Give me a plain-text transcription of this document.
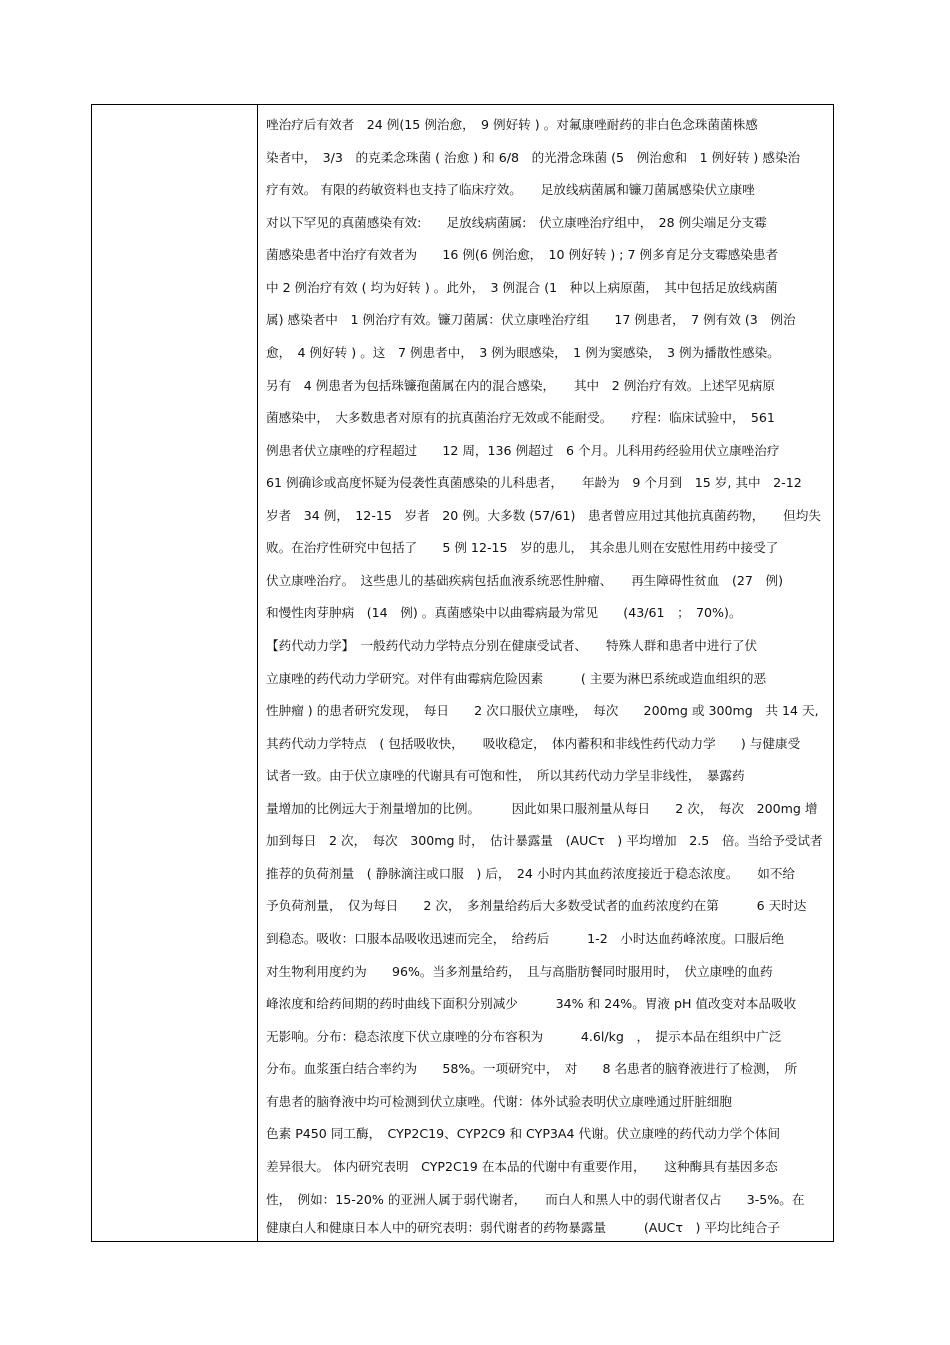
唑治疗后有效者　24 例(15 例治愈，　9 例好转 ) 。对氟康唑耐药的非白色念珠菌菌株感
染者中，　3/3　的克柔念珠菌 ( 治愈 ) 和 6/8　的光滑念珠菌 (5　例治愈和　1 例好转 ) 感染治
疗有效。 有限的药敏资料也支持了临床疗效。　　足放线病菌属和镰刀菌属感染伏立康唑
对以下罕见的真菌感染有效:　　足放线病菌属:　伏立康唑治疗组中，　28 例尖端足分支霉
菌感染患者中治疗有效者为　　16 例(6 例治愈，　10 例好转 ) ; 7 例多育足分支霉感染患者
中 2 例治疗有效 ( 均为好转 ) 。此外，　3 例混合 (1　种以上病原菌，　其中包括足放线病菌
属) 感染者中　1 例治疗有效。镰刀菌属：伏立康唑治疗组　　17 例患者，　7 例有效 (3　例治
愈，　4 例好转 ) 。这　7 例患者中，　3 例为眼感染，　1 例为窦感染，　3 例为播散性感染。
另有　4 例患者为包括珠镰孢菌属在内的混合感染，　　其中　2 例治疗有效。上述罕见病原
菌感染中，　大多数患者对原有的抗真菌治疗无效或不能耐受。　　疗程：临床试验中，　561
例患者伏立康唑的疗程超过　　12 周，136 例超过　6 个月。儿科用药经验用伏立康唑治疗
61 例确诊或高度怀疑为侵袭性真菌感染的儿科患者，　　年龄为　9 个月到　15 岁, 其中　2-12
岁者　34 例，　12-15　岁者　20 例。大多数 (57/61)　患者曾应用过其他抗真菌药物，　　但均失
败。在治疗性研究中包括了　　5 例 12-15　岁的患儿，　其余患儿则在安慰性用药中接受了
伏立康唑治疗。　这些患儿的基础疾病包括血液系统恶性肿瘤、　　再生障碍性贫血　(27　例)
和慢性肉芽肿病　(14　例) 。真菌感染中以曲霉病最为常见　　(43/61　；　70%)。
【药代动力学】　一般药代动力学特点分别在健康受试者、　　特殊人群和患者中进行了伏
立康唑的药代动力学研究。对伴有曲霉病危险因素　　　( 主要为淋巴系统或造血组织的恶
性肿瘤 ) 的患者研究发现，　每日　　2 次口服伏立康唑，　每次　　200mg 或 300mg　共 14 天,
其药代动力学特点　( 包括吸收快，　　吸收稳定，　体内蓄积和非线性药代动力学　　) 与健康受
试者一致。由于伏立康唑的代谢具有可饱和性，　所以其药代动力学呈非线性，　暴露药
量增加的比例远大于剂量增加的比例。　　　因此如果口服剂量从每日　　2 次，　每次　200mg 增
加到每日　2 次，　每次　300mg 时，　估计暴露量　(AUCτ　) 平均增加　2.5　倍。当给予受试者
推荐的负荷剂量　( 静脉滴注或口服　) 后，　24 小时内其血药浓度接近于稳态浓度。　　如不给
予负荷剂量，　仅为每日　　2 次，　多剂量给药后大多数受试者的血药浓度约在第　　　6 天时达
到稳态。吸收：口服本品吸收迅速而完全，　给药后　　　1-2　小时达血药峰浓度。口服后绝
对生物利用度约为　　96%。当多剂量给药，　且与高脂肪餐同时服用时，　伏立康唑的血药
峰浓度和给药间期的药时曲线下面积分别减少　　　34% 和 24%。胃液 pH 值改变对本品吸收
无影响。分布：稳态浓度下伏立康唑的分布容积为　　　4.6l/kg　，　提示本品在组织中广泛
分布。血浆蛋白结合率约为　　58%。一项研究中，　对　　8 名患者的脑脊液进行了检测，　所
有患者的脑脊液中均可检测到伏立康唑。代谢：体外试验表明伏立康唑通过肝脏细胞
色素 P450 同工酶，　CYP2C19、CYP2C9 和 CYP3A4 代谢。伏立康唑的药代动力学个体间
差异很大。 体内研究表明　CYP2C19 在本品的代谢中有重要作用，　　这种酶具有基因多态
性，　例如：15-20% 的亚洲人属于弱代谢者，　　而白人和黑人中的弱代谢者仅占　　3-5%。在
健康白人和健康日本人中的研究表明：弱代谢者的药物暴露量　　　(AUCτ　) 平均比纯合子
